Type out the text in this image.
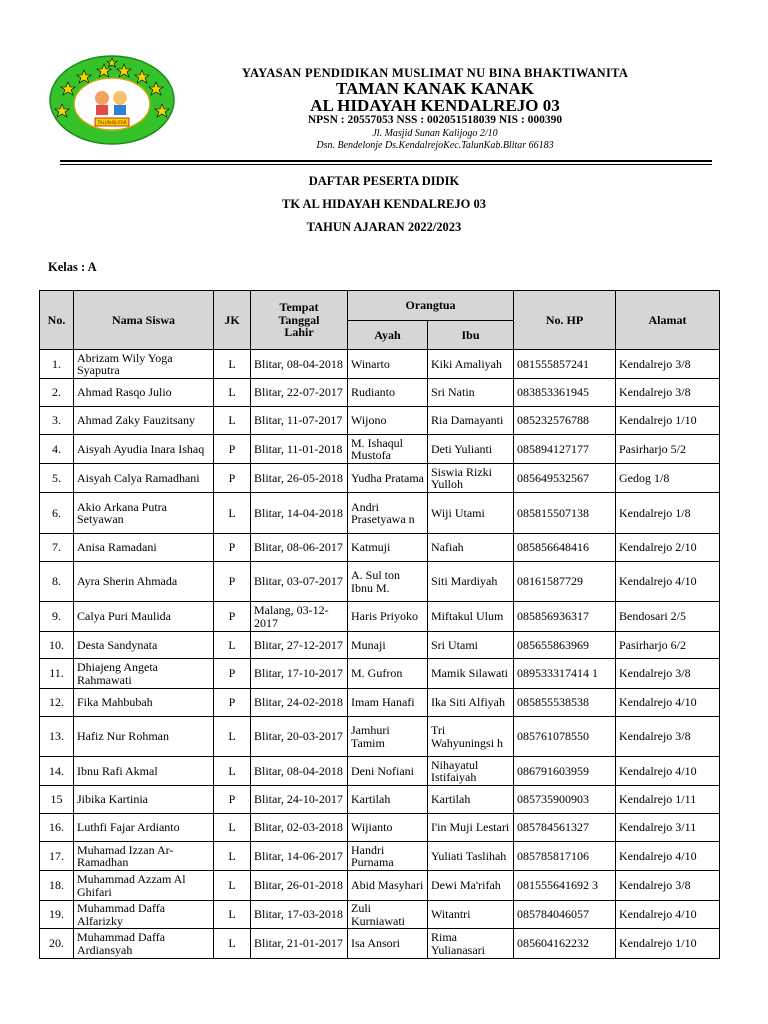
TALUN-BLITAR
YAYASAN PENDIDIKAN MUSLIMAT NU BINA BHAKTIWANITA
TAMAN KANAK KANAK
AL HIDAYAH KENDALREJO 03
NPSN : 20557053 NSS : 002051518039 NIS : 000390
Jl. Masjid Sunan Kalijogo 2/10
Dsn. Bendelonje Ds.KendalrejoKec.TalunKab.Blitar 66183
DAFTAR PESERTA DIDIK
TK AL HIDAYAH KENDALREJO 03
TAHUN AJARAN 2022/2023
Kelas : A
No.	Nama Siswa	JK	Tempat Tanggal Lahir	Orangtua		No. HP	Alamat
				Ayah	Ibu		
1.	Abrizam Wily Yoga Syaputra	L	Blitar, 08-04-2018	Winarto	Kiki Amaliyah	081555857241	Kendalrejo 3/8
2.	Ahmad Rasqo Julio	L	Blitar, 22-07-2017	Rudianto	Sri Natin	083853361945	Kendalrejo 3/8
3.	Ahmad Zaky Fauzitsany	L	Blitar, 11-07-2017	Wijono	Ria Damayanti	085232576788	Kendalrejo 1/10
4.	Aisyah Ayudia Inara Ishaq	P	Blitar, 11-01-2018	M. Ishaqul Mustofa	Deti Yulianti	085894127177	Pasirharjo 5/2
5.	Aisyah Calya Ramadhani	P	Blitar, 26-05-2018	Yudha Pratama	Siswia Rizki Yulloh	085649532567	Gedog 1/8
6.	Akio Arkana Putra Setyawan	L	Blitar, 14-04-2018	Andri Prasetyawa n	Wiji Utami	085815507138	Kendalrejo 1/8
7.	Anisa Ramadani	P	Blitar, 08-06-2017	Katmuji	Nafiah	085856648416	Kendalrejo 2/10
8.	Ayra Sherin Ahmada	P	Blitar, 03-07-2017	A. Sul ton Ibnu M.	Siti Mardiyah	08161587729	Kendalrejo 4/10
9.	Calya Puri Maulida	P	Malang, 03-12-2017	Haris Priyoko	Miftakul Ulum	085856936317	Bendosari 2/5
10.	Desta Sandynata	L	Blitar, 27-12-2017	Munaji	Sri Utami	085655863969	Pasirharjo 6/2
11.	Dhiajeng Angeta Rahmawati	P	Blitar, 17-10-2017	M. Gufron	Mamik Silawati	089533317414 1	Kendalrejo 3/8
12.	Fika Mahbubah	P	Blitar, 24-02-2018	Imam Hanafi	Ika Siti Alfiyah	085855538538	Kendalrejo 4/10
13.	Hafiz Nur Rohman	L	Blitar, 20-03-2017	Jamhuri Tamim	Tri Wahyuningsi h	085761078550	Kendalrejo 3/8
14.	Ibnu Rafi Akmal	L	Blitar, 08-04-2018	Deni Nofiani	Nihayatul Istifaiyah	086791603959	Kendalrejo 4/10
15	Jibika Kartinia	P	Blitar, 24-10-2017	Kartilah	Kartilah	085735900903	Kendalrejo 1/11
16.	Luthfi Fajar Ardianto	L	Blitar, 02-03-2018	Wijianto	I'in Muji Lestari	085784561327	Kendalrejo 3/11
17.	Muhamad Izzan Ar-Ramadhan	L	Blitar, 14-06-2017	Handri Purnama	Yuliati Taslihah	085785817106	Kendalrejo 4/10
18.	Muhammad Azzam Al Ghifari	L	Blitar, 26-01-2018	Abid Masyhari	Dewi Ma'rifah	081555641692 3	Kendalrejo 3/8
19.	Muhammad Daffa Alfarizky	L	Blitar, 17-03-2018	Zuli Kurniawati	Witantri	085784046057	Kendalrejo 4/10
20.	Muhammad Daffa Ardiansyah	L	Blitar, 21-01-2017	Isa Ansori	Rima Yulianasari	085604162232	Kendalrejo 1/10
